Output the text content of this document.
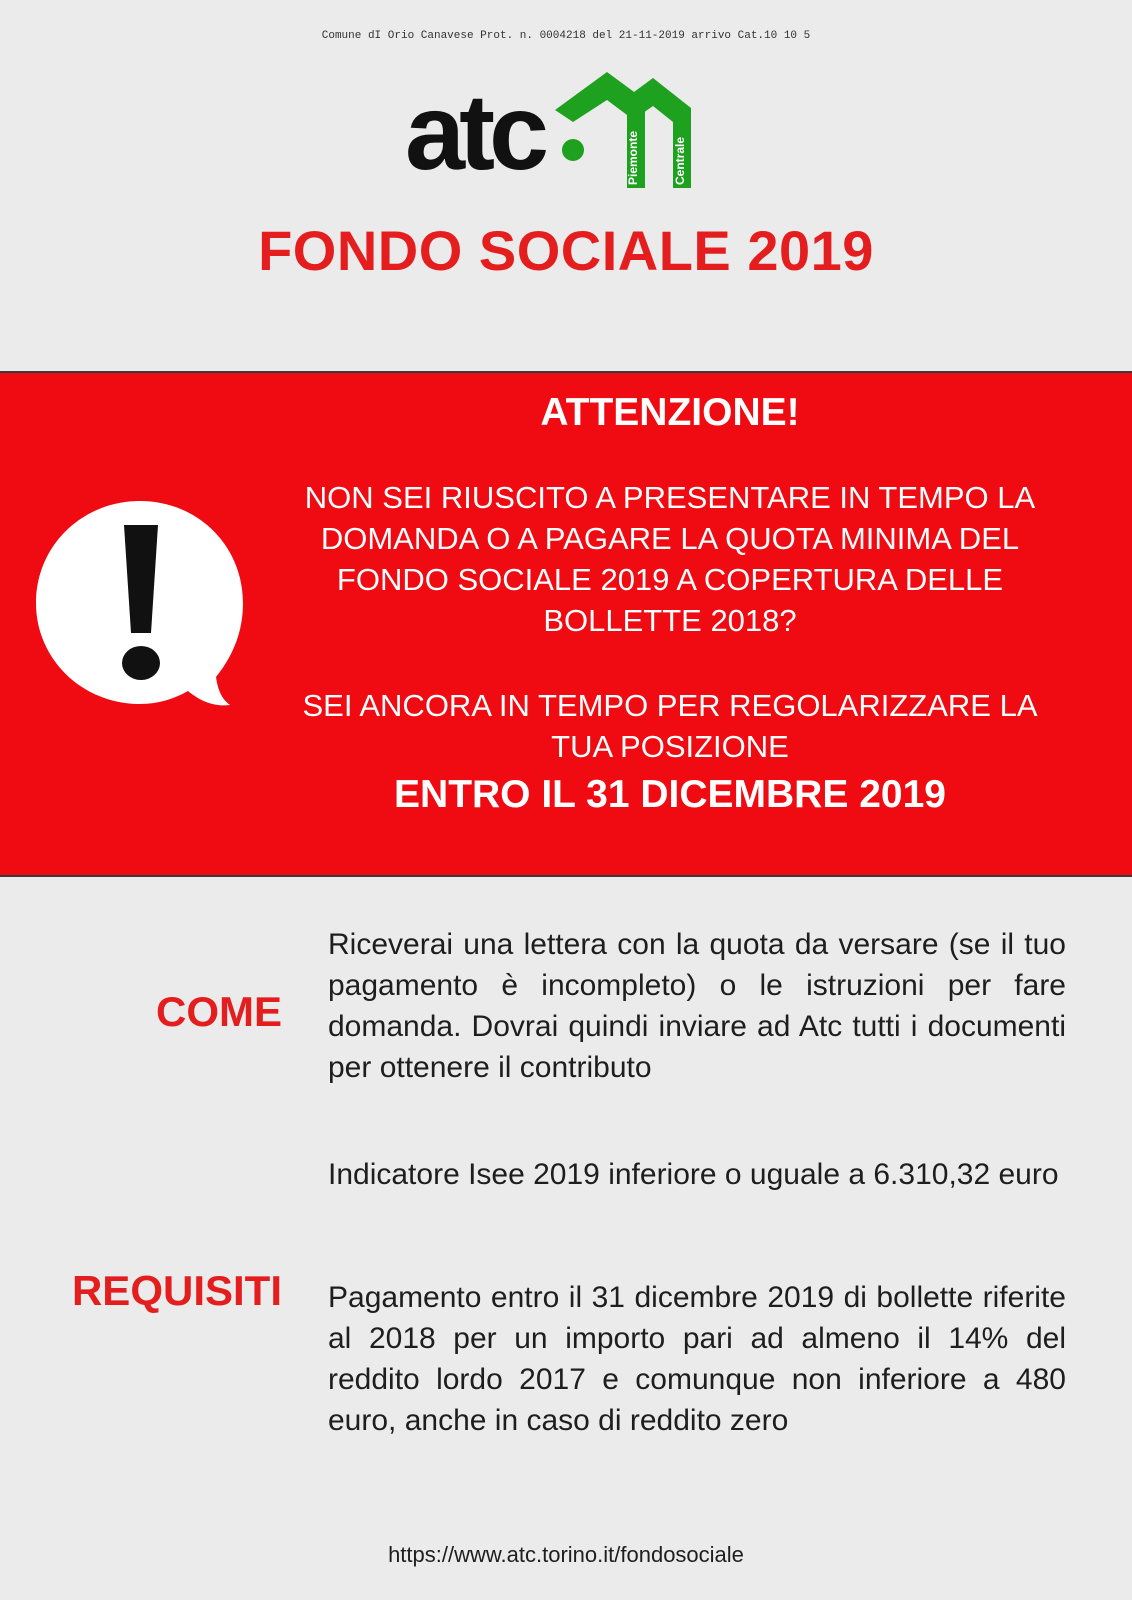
Comune dI Orio Canavese Prot. n. 0004218 del 21-11-2019 arrivo Cat.10 10 5
atc	Piemonte	Centrale
FONDO SOCIALE 2019
ATTENZIONE!
NON SEI RIUSCITO A PRESENTARE IN TEMPO LA DOMANDA O A PAGARE LA QUOTA MINIMA DEL FONDO SOCIALE 2019 A COPERTURA DELLE BOLLETTE 2018?
SEI ANCORA IN TEMPO PER REGOLARIZZARE LA TUA POSIZIONE
ENTRO IL 31 DICEMBRE 2019
COME
Riceverai una lettera con la quota da versare (se il tuo pagamento è incompleto) o le istruzioni per fare domanda. Dovrai quindi inviare ad Atc tutti i documenti per ottenere il contributo
REQUISITI
Indicatore Isee 2019 inferiore o uguale a 6.310,32 euro
Pagamento entro il 31 dicembre 2019 di bollette riferite al 2018 per un importo pari ad almeno il 14% del reddito lordo 2017 e comunque non inferiore a 480 euro, anche in caso di reddito zero
https://www.atc.torino.it/fondosociale
